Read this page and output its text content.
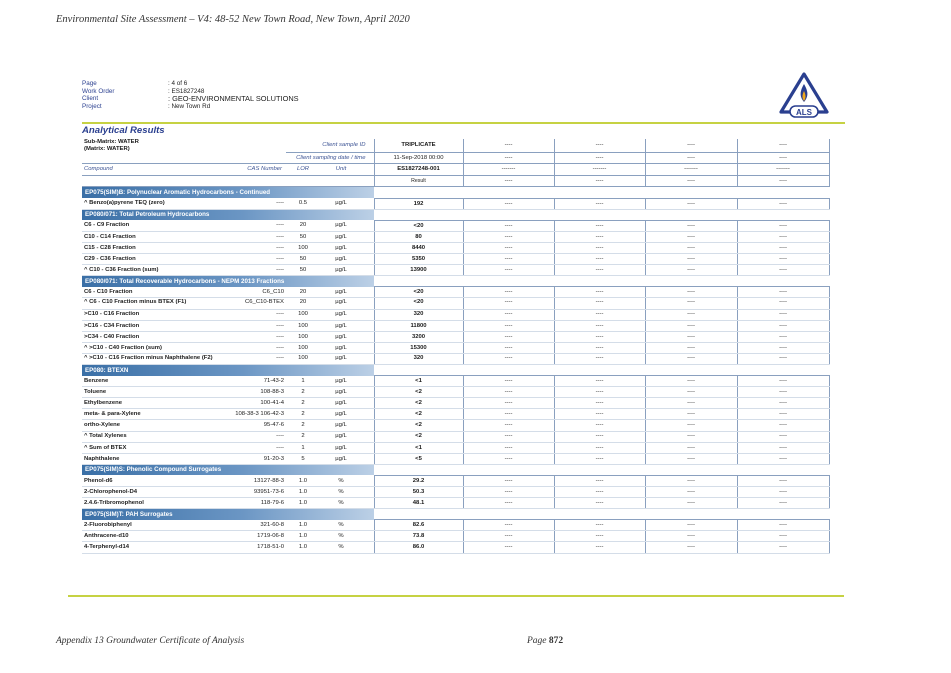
Environmental Site Assessment – V4: 48-52 New Town Road, New Town, April 2020
Page	: 4 of 6
Work Order	: ES1827248
Client	: GEO-ENVIRONMENTAL SOLUTIONS
Project	: New Town Rd
ALS
Analytical Results
Sub-Matrix: WATER
(Matrix: WATER)		Client sample ID			TRIPLICATE	----	----	----	----
Client sampling date / time					11-Sep-2018 00:00	----	----	----	----
Compound	CAS Number	LOR	Unit		ES1827248-001	-------	-------	-------	-------
					Result	----	----	----	----
EP075(SIM)B: Polynuclear Aromatic Hydrocarbons - Continued									
^ Benzo(a)pyrene TEQ (zero)	----	0.5	µg/L		192	----	----	----	----
EP080/071: Total Petroleum Hydrocarbons									
C6 - C9 Fraction	----	20	µg/L		<20	----	----	----	----
C10 - C14 Fraction	----	50	µg/L		80	----	----	----	----
C15 - C28 Fraction	----	100	µg/L		8440	----	----	----	----
C29 - C36 Fraction	----	50	µg/L		5350	----	----	----	----
^ C10 - C36 Fraction (sum)	----	50	µg/L		13900	----	----	----	----
EP080/071: Total Recoverable Hydrocarbons - NEPM 2013 Fractions									
C6 - C10 Fraction	C6_C10	20	µg/L		<20	----	----	----	----
^ C6 - C10 Fraction minus BTEX (F1)	C6_C10-BTEX	20	µg/L		<20	----	----	----	----
>C10 - C16 Fraction	----	100	µg/L		320	----	----	----	----
>C16 - C34 Fraction	----	100	µg/L		11800	----	----	----	----
>C34 - C40 Fraction	----	100	µg/L		3200	----	----	----	----
^ >C10 - C40 Fraction (sum)	----	100	µg/L		15300	----	----	----	----
^ >C10 - C16 Fraction minus Naphthalene (F2)	----	100	µg/L		320	----	----	----	----
EP080: BTEXN									
Benzene	71-43-2	1	µg/L		<1	----	----	----	----
Toluene	108-88-3	2	µg/L		<2	----	----	----	----
Ethylbenzene	100-41-4	2	µg/L		<2	----	----	----	----
meta- & para-Xylene	108-38-3 106-42-3	2	µg/L		<2	----	----	----	----
ortho-Xylene	95-47-6	2	µg/L		<2	----	----	----	----
^ Total Xylenes	----	2	µg/L		<2	----	----	----	----
^ Sum of BTEX	----	1	µg/L		<1	----	----	----	----
Naphthalene	91-20-3	5	µg/L		<5	----	----	----	----
EP075(SIM)S: Phenolic Compound Surrogates									
Phenol-d6	13127-88-3	1.0	%		29.2	----	----	----	----
2-Chlorophenol-D4	93951-73-6	1.0	%		50.3	----	----	----	----
2.4.6-Tribromophenol	118-79-6	1.0	%		48.1	----	----	----	----
EP075(SIM)T: PAH Surrogates									
2-Fluorobiphenyl	321-60-8	1.0	%		82.6	----	----	----	----
Anthracene-d10	1719-06-8	1.0	%		73.8	----	----	----	----
4-Terphenyl-d14	1718-51-0	1.0	%		86.0	----	----	----	----
Appendix 13 Groundwater Certificate of Analysis	Page 872
